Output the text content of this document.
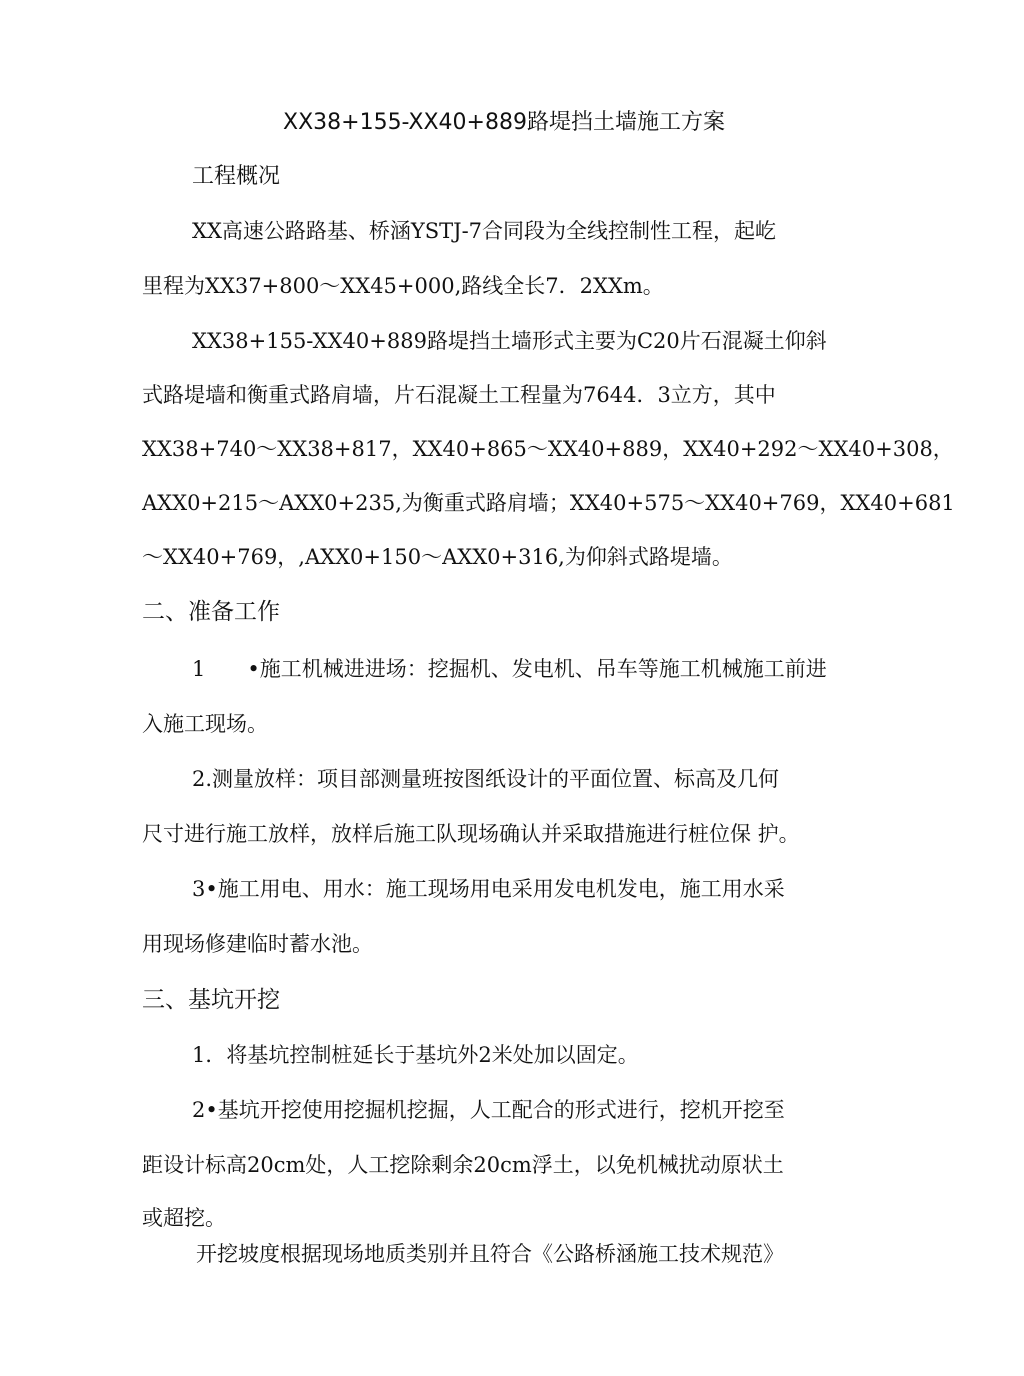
XX38+155-XX40+889路堤挡土墙施工方案
工程概况
XX高速公路路基、桥涵YSTJ-7合同段为全线控制性工程，起屹
里程为XX37+800～XX45+000,路线全长7．2XXm。
XX38+155-XX40+889路堤挡土墙形式主要为C20片石混凝土仰斜
式路堤墙和衡重式路肩墙，片石混凝土工程量为7644．3立方，其中
XX38+740～XX38+817，XX40+865～XX40+889，XX40+292～XX40+308，
AXX0+215～AXX0+235,为衡重式路肩墙；XX40+575～XX40+769，XX40+681
～XX40+769，,AXX0+150～AXX0+316,为仰斜式路堤墙。
二、准备工作
1　　•施工机械进进场：挖掘机、发电机、吊车等施工机械施工前进
入施工现场。
2.测量放样：项目部测量班按图纸设计的平面位置、标高及几何
尺寸进行施工放样，放样后施工队现场确认并采取措施进行桩位保 护。
3•施工用电、用水：施工现场用电采用发电机发电，施工用水采
用现场修建临时蓄水池。
三、基坑开挖
1．将基坑控制桩延长于基坑外2米处加以固定。
2•基坑开挖使用挖掘机挖掘，人工配合的形式进行，挖机开挖至
距设计标高20cm处，人工挖除剩余20cm浮土，以免机械扰动原状土
或超挖。
开挖坡度根据现场地质类别并且符合《公路桥涵施工技术规范》
